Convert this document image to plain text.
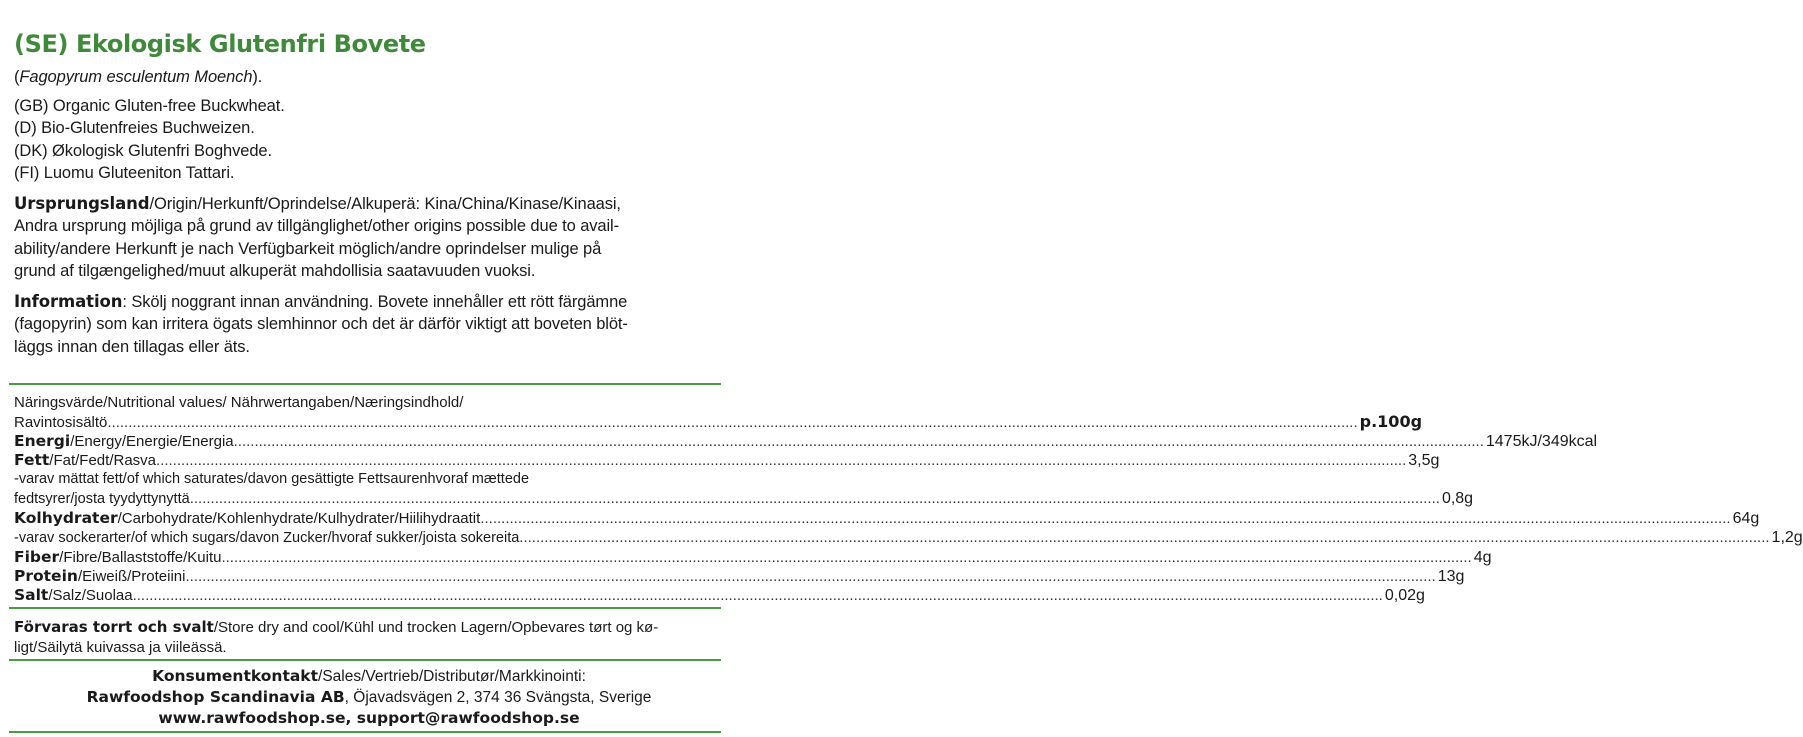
(SE) Ekologisk Glutenfri Bovete

(Fagopyrum esculentum Moench).

(GB) Organic Gluten-free Buckwheat.

(D) Bio-Glutenfreies Buchweizen.

(DK) Økologisk Glutenfri Boghvede.

(FI) Luomu Gluteeniton Tattari.

Ursprungsland/Origin/Herkunft/Oprindelse/Alkuperä: Kina/China/Kinase/Kinaasi,

Andra ursprung möjliga på grund av tillgänglighet/other origins possible due to avail-

ability/andere Herkunft je nach Verfügbarkeit möglich/andre oprindelser mulige på

grund af tilgængelighed/muut alkuperät mahdollisia saatavuuden vuoksi.

Information: Skölj noggrant innan användning. Bovete innehåller ett rött färgämne

(fagopyrin) som kan irritera ögats slemhinnor och det är därför viktigt att boveten blöt-

läggs innan den tillagas eller äts.

Näringsvärde/Nutritional values/ Nährwertangaben/Næringsindhold/
Ravintosisältö ............................................................................................................................................................................................................................................................................................................ p.100g
Energi/Energy/Energie/Energia ............................................................................................................................................................................................................................................................................................................ 1475kJ/349kcal
Fett/Fat/Fedt/Rasva ............................................................................................................................................................................................................................................................................................................ 3,5g
-varav mättat fett/of which saturates/davon gesättigte Fettsaurenhvoraf mættede
fedtsyrer/josta tyydyttynyttä ............................................................................................................................................................................................................................................................................................................ 0,8g
Kolhydrater/Carbohydrate/Kohlenhydrate/Kulhydrater/Hiilihydraatit ............................................................................................................................................................................................................................................................................................................ 64g
-varav sockerarter/of which sugars/davon Zucker/hvoraf sukker/joista sokereita ............................................................................................................................................................................................................................................................................................................ 1,2g
Fiber/Fibre/Ballaststoffe/Kuitu ............................................................................................................................................................................................................................................................................................................ 4g
Protein/Eiweiß/Proteiini ............................................................................................................................................................................................................................................................................................................ 13g
Salt/Salz/Suolaa ............................................................................................................................................................................................................................................................................................................ 0,02g
Förvaras torrt och svalt/Store dry and cool/Kühl und trocken Lagern/Opbevares tørt og kø-
ligt/Säilytä kuivassa ja viileässä.
Konsumentkontakt/Sales/Vertrieb/Distributør/Markkinointi:
Rawfoodshop Scandinavia AB, Öjavadsvägen 2, 374 36 Svängsta, Sverige
www.rawfoodshop.se, support@rawfoodshop.se
